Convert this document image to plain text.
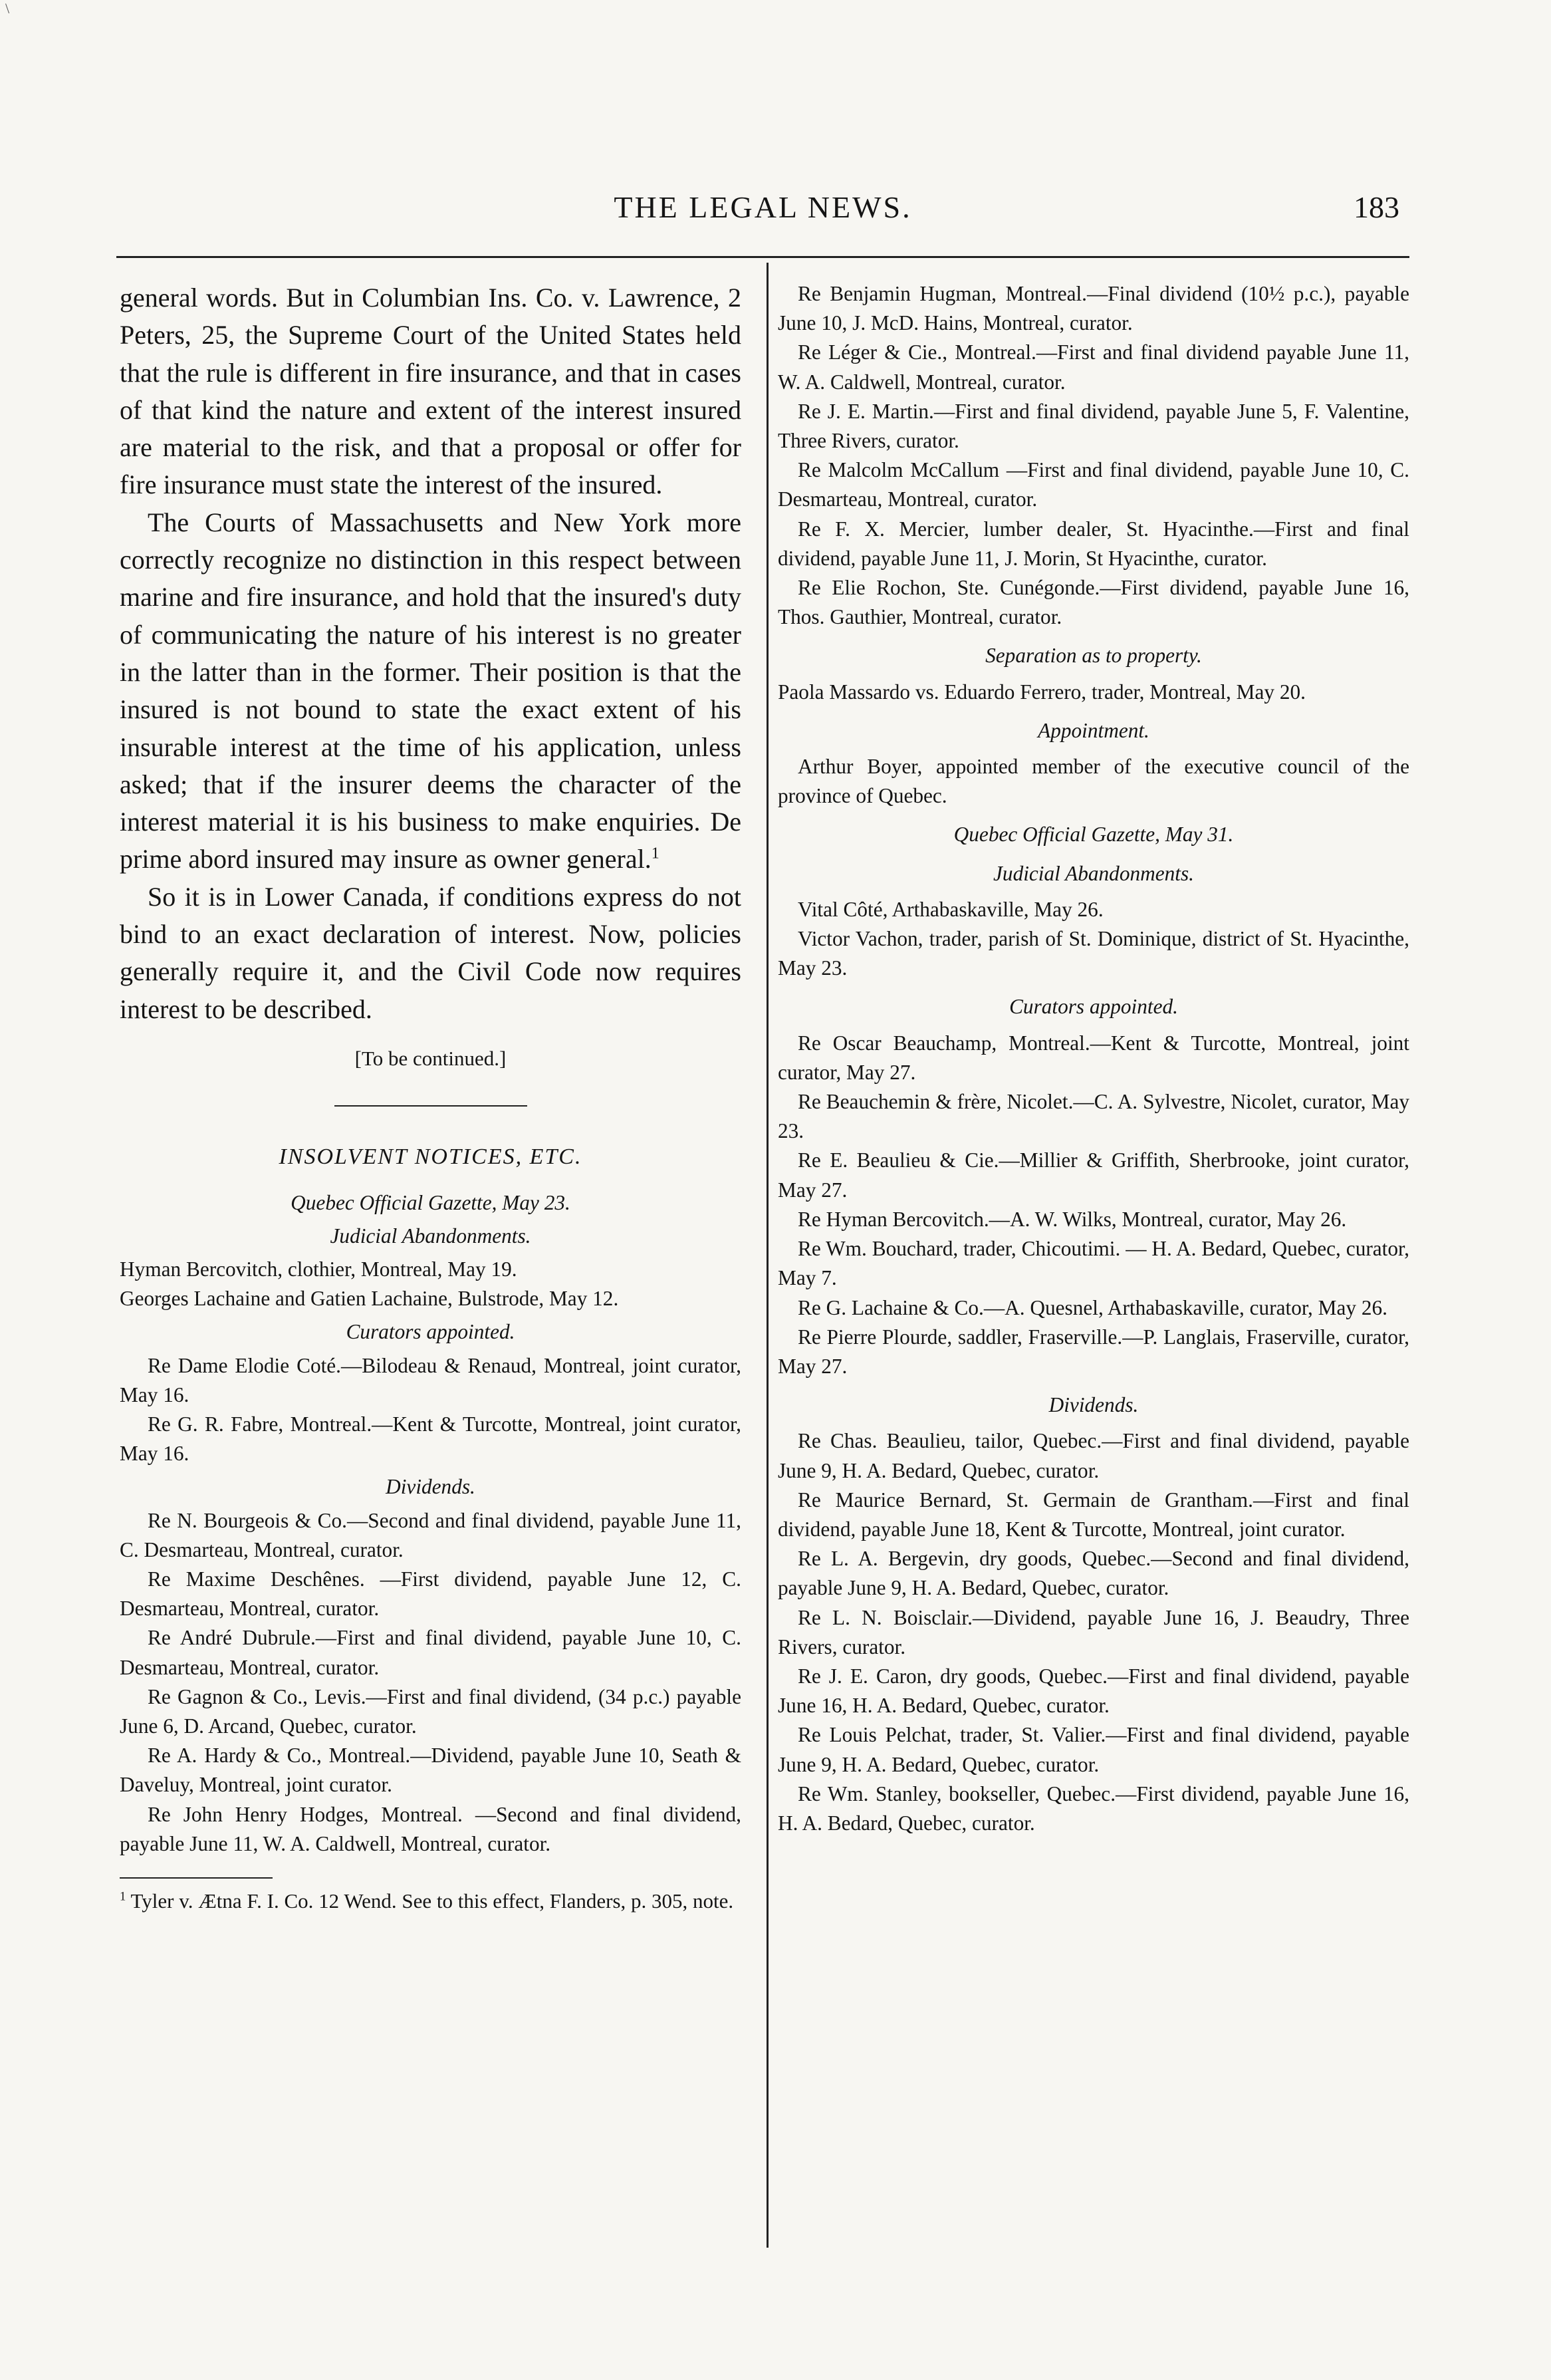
\
THE LEGAL NEWS.	183

general words. But in Columbian Ins. Co. v. Lawrence, 2 Peters, 25, the Supreme Court of the United States held that the rule is different in fire insurance, and that in cases of that kind the nature and extent of the interest insured are material to the risk, and that a proposal or offer for fire insurance must state the interest of the insured.

The Courts of Massachusetts and New York more correctly recognize no distinction in this respect between marine and fire insurance, and hold that the insured's duty of communicating the nature of his interest is no greater in the latter than in the former. Their position is that the insured is not bound to state the exact extent of his insurable interest at the time of his application, unless asked; that if the insurer deems the character of the interest material it is his business to make enquiries. De prime abord insured may insure as owner general.$^1$

So it is in Lower Canada, if conditions express do not bind to an exact declaration of interest. Now, policies generally require it, and the Civil Code now requires interest to be described.

[To be continued.]

INSOLVENT NOTICES, ETC.

Quebec Official Gazette, May 23.

Judicial Abandonments.

Hyman Bercovitch, clothier, Montreal, May 19.

Georges Lachaine and Gatien Lachaine, Bulstrode, May 12.

Curators appointed.

Re Dame Elodie Coté.—Bilodeau & Renaud, Montreal, joint curator, May 16.

Re G. R. Fabre, Montreal.—Kent & Turcotte, Montreal, joint curator, May 16.

Dividends.

Re N. Bourgeois & Co.—Second and final dividend, payable June 11, C. Desmarteau, Montreal, curator.

Re Maxime Deschênes. —First dividend, payable June 12, C. Desmarteau, Montreal, curator.

Re André Dubrule.—First and final dividend, payable June 10, C. Desmarteau, Montreal, curator.

Re Gagnon & Co., Levis.—First and final dividend, (34 p.c.) payable June 6, D. Arcand, Quebec, curator.

Re A. Hardy & Co., Montreal.—Dividend, payable June 10, Seath & Daveluy, Montreal, joint curator.

Re John Henry Hodges, Montreal. —Second and final dividend, payable June 11, W. A. Caldwell, Montreal, curator.

$^1$ Tyler v. Ætna F. I. Co. 12 Wend. See to this effect, Flanders, p. 305, note.

Re Benjamin Hugman, Montreal.—Final dividend (10½ p.c.), payable June 10, J. McD. Hains, Montreal, curator.

Re Léger & Cie., Montreal.—First and final dividend payable June 11, W. A. Caldwell, Montreal, curator.

Re J. E. Martin.—First and final dividend, payable June 5, F. Valentine, Three Rivers, curator.

Re Malcolm McCallum —First and final dividend, payable June 10, C. Desmarteau, Montreal, curator.

Re F. X. Mercier, lumber dealer, St. Hyacinthe.—First and final dividend, payable June 11, J. Morin, St Hyacinthe, curator.

Re Elie Rochon, Ste. Cunégonde.—First dividend, payable June 16, Thos. Gauthier, Montreal, curator.

Separation as to property.

Paola Massardo vs. Eduardo Ferrero, trader, Montreal, May 20.

Appointment.

Arthur Boyer, appointed member of the executive council of the province of Quebec.

Quebec Official Gazette, May 31.

Judicial Abandonments.

Vital Côté, Arthabaskaville, May 26.

Victor Vachon, trader, parish of St. Dominique, district of St. Hyacinthe, May 23.

Curators appointed.

Re Oscar Beauchamp, Montreal.—Kent & Turcotte, Montreal, joint curator, May 27.

Re Beauchemin & frère, Nicolet.—C. A. Sylvestre, Nicolet, curator, May 23.

Re E. Beaulieu & Cie.—Millier & Griffith, Sherbrooke, joint curator, May 27.

Re Hyman Bercovitch.—A. W. Wilks, Montreal, curator, May 26.

Re Wm. Bouchard, trader, Chicoutimi. — H. A. Bedard, Quebec, curator, May 7.

Re G. Lachaine & Co.—A. Quesnel, Arthabaskaville, curator, May 26.

Re Pierre Plourde, saddler, Fraserville.—P. Langlais, Fraserville, curator, May 27.

Dividends.

Re Chas. Beaulieu, tailor, Quebec.—First and final dividend, payable June 9, H. A. Bedard, Quebec, curator.

Re Maurice Bernard, St. Germain de Grantham.—First and final dividend, payable June 18, Kent & Turcotte, Montreal, joint curator.

Re L. A. Bergevin, dry goods, Quebec.—Second and final dividend, payable June 9, H. A. Bedard, Quebec, curator.

Re L. N. Boisclair.—Dividend, payable June 16, J. Beaudry, Three Rivers, curator.

Re J. E. Caron, dry goods, Quebec.—First and final dividend, payable June 16, H. A. Bedard, Quebec, curator.

Re Louis Pelchat, trader, St. Valier.—First and final dividend, payable June 9, H. A. Bedard, Quebec, curator.

Re Wm. Stanley, bookseller, Quebec.—First dividend, payable June 16, H. A. Bedard, Quebec, curator.
